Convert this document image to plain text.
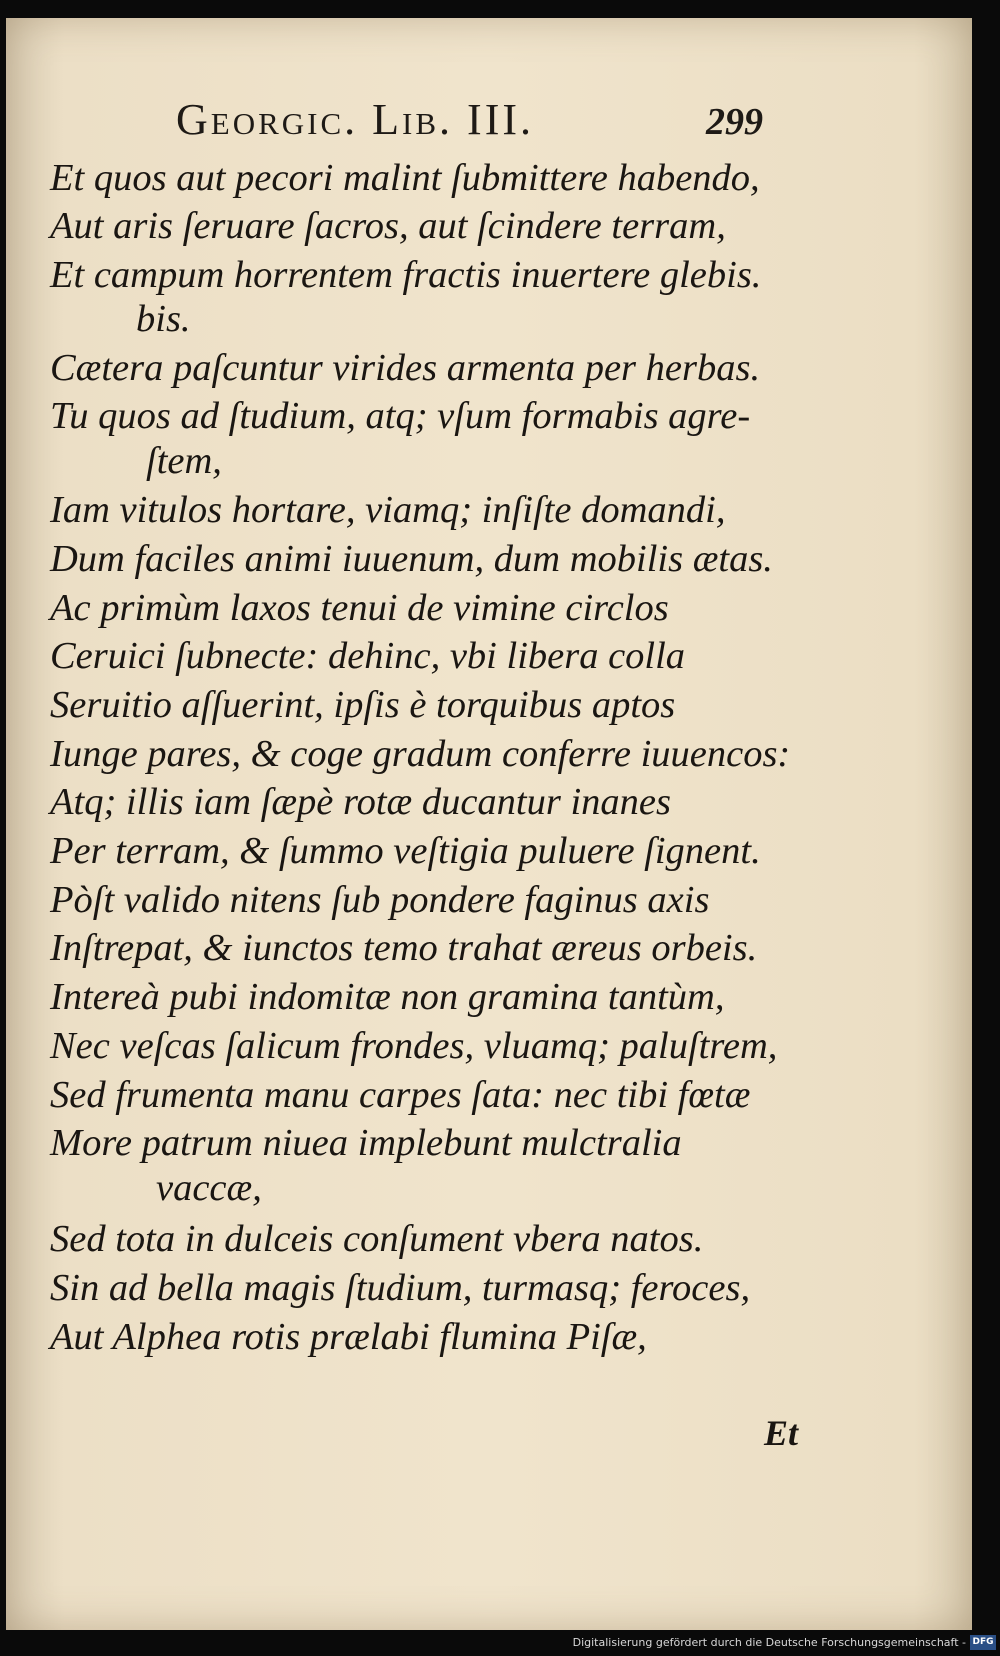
Georgic. Lib. III.	299
Et quos aut pecori malint ſubmittere habendo,
Aut aris ſeruare ſacros, aut ſcindere terram,
Et campum horrentem fractis inuertere glebis.
bis.
Cætera paſcuntur virides armenta per herbas.
Tu quos ad ſtudium, atq; vſum formabis agre-
ſtem,
Iam vitulos hortare, viamq; inſiſte domandi,
Dum faciles animi iuuenum, dum mobilis ætas.
Ac primùm laxos tenui de vimine circlos
Ceruici ſubnecte: dehinc, vbi libera colla
Seruitio aſſuerint, ipſis è torquibus aptos
Iunge pares, & coge gradum conferre iuuencos:
Atq; illis iam ſæpè rotæ ducantur inanes
Per terram, & ſummo veſtigia puluere ſignent.
Pòſt valido nitens ſub pondere faginus axis
Inſtrepat, & iunctos temo trahat æreus orbeis.
Intereà pubi indomitæ non gramina tantùm,
Nec veſcas ſalicum frondes, vluamq; paluſtrem,
Sed frumenta manu carpes ſata: nec tibi fœtæ
More patrum niuea implebunt mulctralia
vaccæ,
Sed tota in dulceis conſument vbera natos.
Sin ad bella magis ſtudium, turmasq; feroces,
Aut Alphea rotis prælabi flumina Piſæ,
Et
Digitalisierung gefördert durch die Deutsche Forschungsgemeinschaft - DFG
